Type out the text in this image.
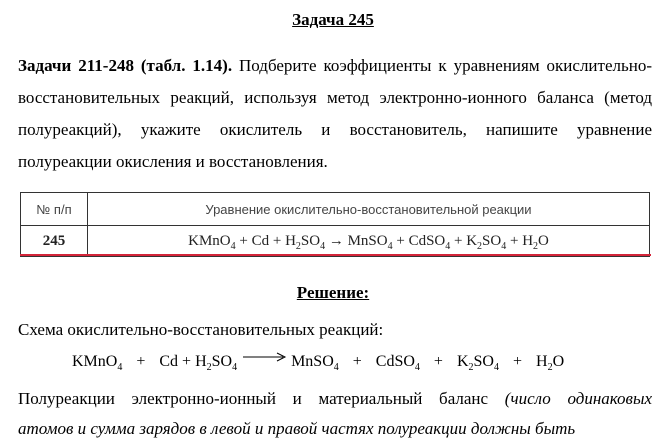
Задача 245
Задачи 211-248 (табл. 1.14). Подберите коэффициенты к уравнениям окислительно-восстановительных реакций, используя метод электронно-ионного баланса (метод полуреакций), укажите окислитель и восстановитель, напишите уравнение полуреакции окисления и восстановления.
№ п/п	Уравнение окислительно-восстановительной реакции
245	KMnO$_4$ + $Cd + H_2SO_4$ → MnSO$_4$ + CdSO$_4$ + $K_2SO_4 + H_2O$
Решение:
Схема окислительно-восстановительных реакций:
KMnO$_4$ + $Cd + H_2SO_4$ → MnSO$_4$ + CdSO$_4$ + $K_2SO_4 + H_2O$
Полуреакции электронно-ионный и материальный баланс (число одинаковых
атомов и сумма зарядов в левой и правой частях полуреакции должны быть
